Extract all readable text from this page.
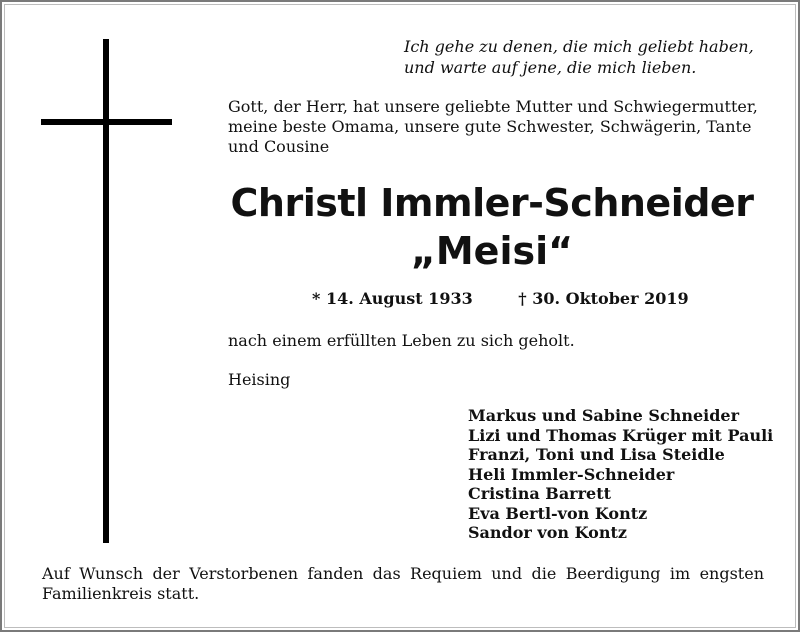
Ich gehe zu denen, die mich geliebt haben,
und warte auf jene, die mich lieben.
Gott, der Herr, hat unsere geliebte Mutter und Schwiegermutter,
meine beste Omama, unsere gute Schwester, Schwägerin, Tante
und Cousine
Christl Immler-Schneider
„Meisi“
* 14. August 1933	† 30. Oktober 2019
nach einem erfüllten Leben zu sich geholt.
Heising
Markus und Sabine Schneider
Lizi und Thomas Krüger mit Pauli
Franzi, Toni und Lisa Steidle
Heli Immler-Schneider
Cristina Barrett
Eva Bertl-von Kontz
Sandor von Kontz
Auf Wunsch der Verstorbenen fanden das Requiem und die Beerdigung im engsten Familienkreis statt.
